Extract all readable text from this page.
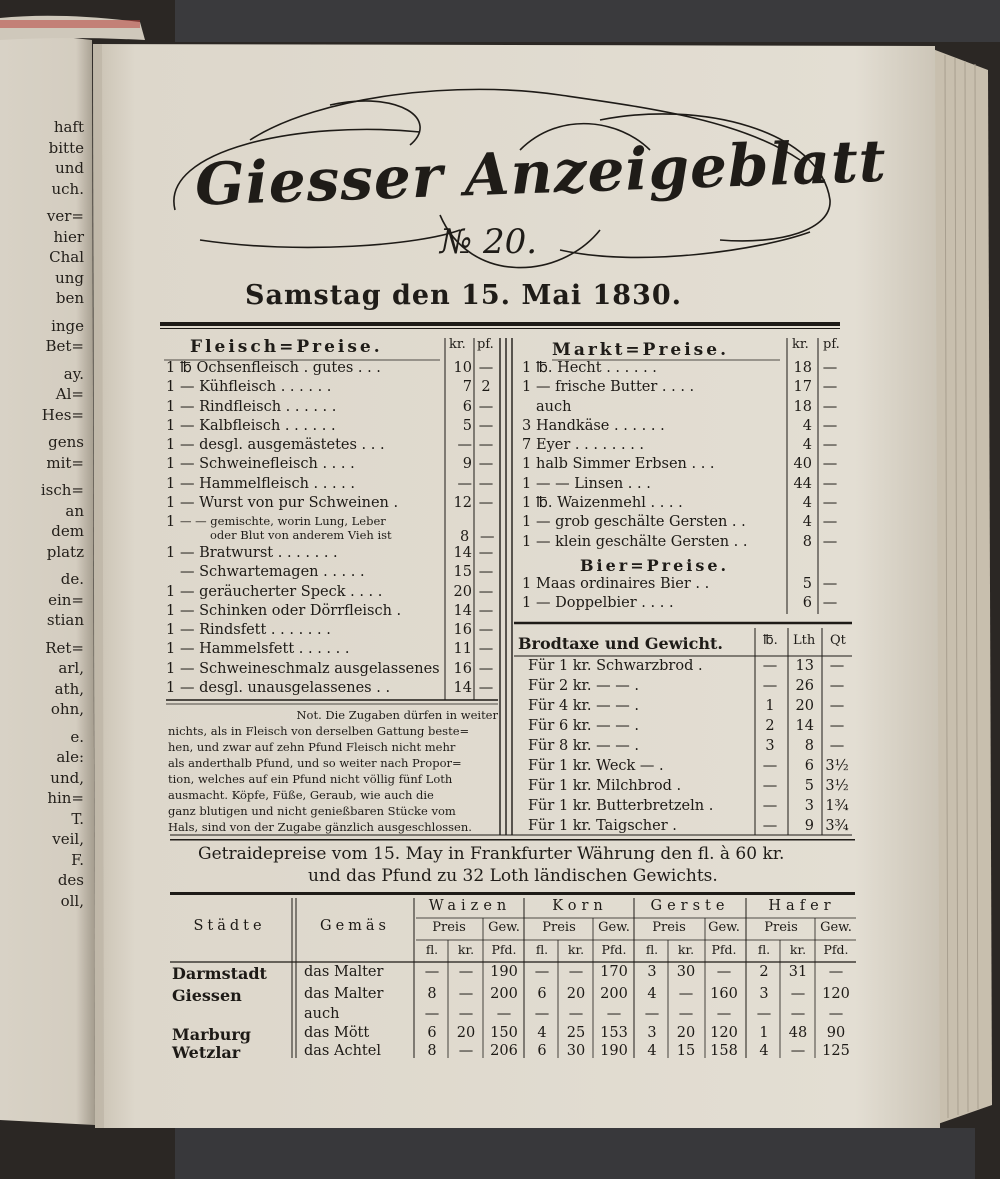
haft
bitte
und
uch.
ver=
hier
Chal
ung
ben
inge
Bet=
ay.
Al=
Hes=
gens
mit=
isch=
an
dem
platz
de.
ein=
stian
Ret=
arl,
ath,
ohn,
e.
ale:
und,
hin=
T.
veil,
F.
des
oll,
Giesser Anzeigeblatt
№ 20.
Samstag den 15. Mai 1830.
Fleisch=Preise.	kr. pf.
1 ℔ Ochsenfleisch . gutes . . .	10 —
1 — Kühfleisch . . . . . .	7 2
1 — Rindfleisch . . . . . .	6 —
1 — Kalbfleisch . . . . . .	5 —
1 — desgl. ausgemästetes . . .	— —
1 — Schweinefleisch . . . .	9 —
1 — Hammelfleisch . . . . .	— —
1 — Wurst von pur Schweinen .	12 —
1 — — gemischte, worin Lung, Leber
oder Blut von anderem Vieh ist	8 —
1 — Bratwurst . . . . . . .	14 —
— Schwartemagen . . . . .	15 —
1 — geräucherter Speck . . . .	20 —
1 — Schinken oder Dörrfleisch .	14 —
1 — Rindsfett . . . . . . .	16 —
1 — Hammelsfett . . . . . .	11 —
1 — Schweineschmalz ausgelassenes 16 —
1 — desgl. unausgelassenes . .	14 —
Not. Die Zugaben dürfen in weiter
nichts, als in Fleisch von derselben Gattung beste=
hen, und zwar auf zehn Pfund Fleisch nicht mehr
als anderthalb Pfund, und so weiter nach Propor=
tion, welches auf ein Pfund nicht völlig fünf Loth
ausmacht. Köpfe, Füße, Geraub, wie auch die
ganz blutigen und nicht genießbaren Stücke vom
Hals, sind von der Zugabe gänzlich ausgeschlossen.
Markt=Preise.	kr. pf.
1 ℔. Hecht . . . . . .	18 —
1 — frische Butter . . . .	17 —
auch	18 —
3 Handkäse . . . . . .	4 —
7 Eyer . . . . . . . .	4 —
1 halb Simmer Erbsen . . .	40 —
1 — — Linsen . . .	44 —
1 ℔. Waizenmehl . . . .	4 —
1 — grob geschälte Gersten . .	4 —
1 — klein geschälte Gersten . .	8 —
Bier=Preise.
1 Maas ordinaires Bier . .	5 —
1 — Doppelbier . . . .	6 —
Brodtaxe und Gewicht.	℔. Lth Qt
Für 1 kr. Schwarzbrod .	—	13	—
Für 2 kr. — — .	—	26	—
Für 4 kr. — — .	1	20	—
Für 6 kr. — — .	2	14	—
Für 8 kr. — — .	3	8	—
Für 1 kr. Weck — .	—	6 3½
Für 1 kr. Milchbrod .	—	5 3½
Für 1 kr. Butterbretzeln .	—	3 1¾
Für 1 kr. Taigscher .	—	9 3¾
Getraidepreise vom 15. May in Frankfurter Währung den fl. à 60 kr.
und das Pfund zu 32 Loth ländischen Gewichts.
Städte	Gemäs
Waizen
Preis	Gew.
fl.	kr.	Pfd.
Korn
Preis	Gew.
fl.	kr.	Pfd.
Gerste
Preis	Gew.
fl.	kr.	Pfd.
Hafer
Preis	Gew.
fl.	kr.	Pfd.
Darmstadt	das Malter	—	—	190	—	—	170	3	30	—	2	31	—
Giessen	das Malter	8	—	200	6	20	200	4	—	160	3	—	120
auch	—	—	—	—	—	—	—	—	—	—	—	—
Marburg	das Mött	6	20	150	4	25	153	3	20	120	1	48	90
Wetzlar	das Achtel	8	—	206	6	30	190	4	15	158	4	—	125
